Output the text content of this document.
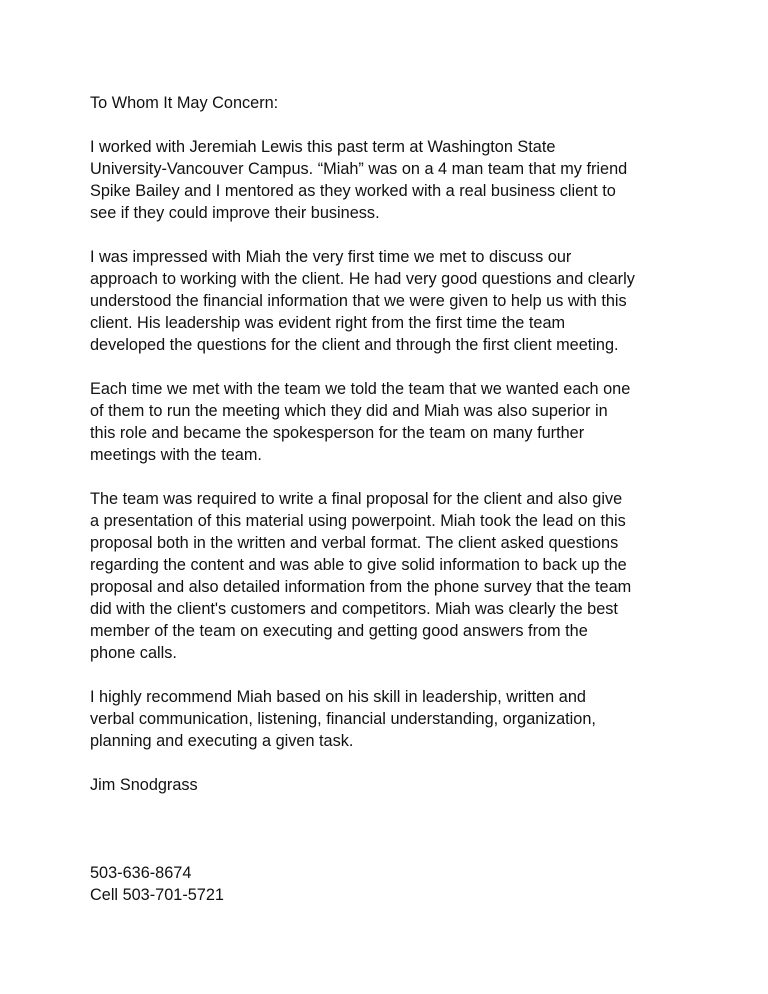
To Whom It May Concern:

I worked with Jeremiah Lewis this past term at Washington State
University-Vancouver Campus. “Miah” was on a 4 man team that my friend
Spike Bailey and I mentored as they worked with a real business client to
see if they could improve their business.

I was impressed with Miah the very first time we met to discuss our
approach to working with the client. He had very good questions and clearly
understood the financial information that we were given to help us with this
client. His leadership was evident right from the first time the team
developed the questions for the client and through the first client meeting.

Each time we met with the team we told the team that we wanted each one
of them to run the meeting which they did and Miah was also superior in
this role and became the spokesperson for the team on many further
meetings with the team.

The team was required to write a final proposal for the client and also give
a presentation of this material using powerpoint. Miah took the lead on this
proposal both in the written and verbal format. The client asked questions
regarding the content and was able to give solid information to back up the
proposal and also detailed information from the phone survey that the team
did with the client's customers and competitors. Miah was clearly the best
member of the team on executing and getting good answers from the
phone calls.

I highly recommend Miah based on his skill in leadership, written and
verbal communication, listening, financial understanding, organization,
planning and executing a given task.

Jim Snodgrass

503-636-8674

Cell 503-701-5721
